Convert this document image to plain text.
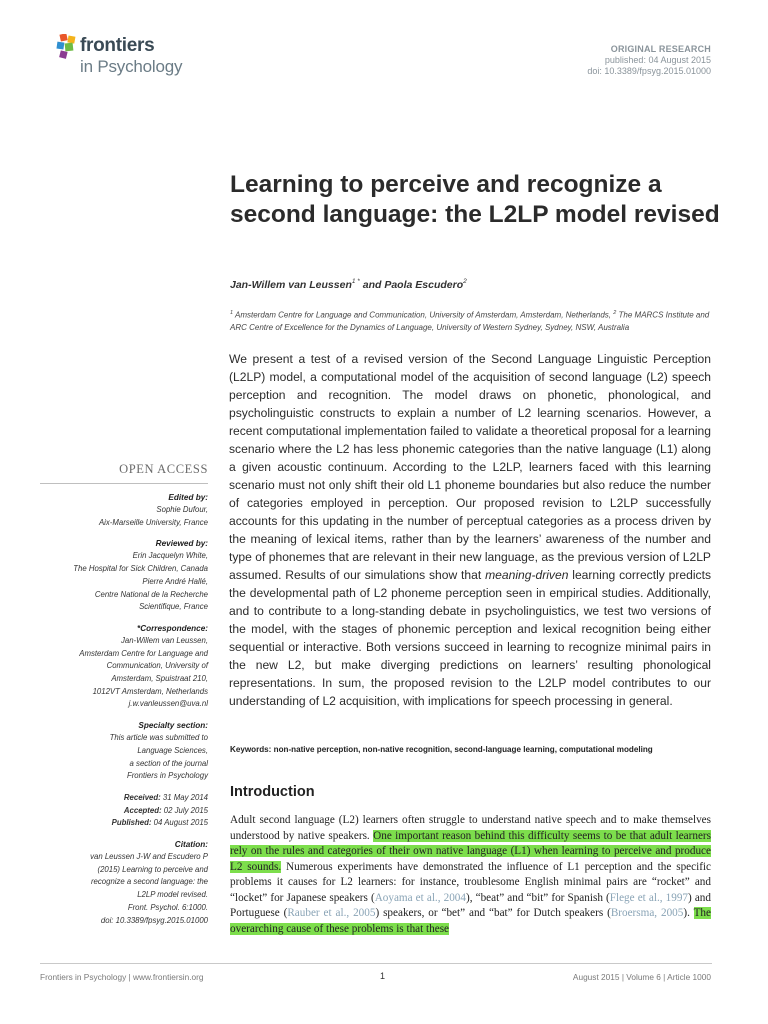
frontiers
in Psychology
ORIGINAL RESEARCH
published: 04 August 2015
doi: 10.3389/fpsyg.2015.01000
Learning to perceive and recognize a second language: the L2LP model revised
Jan-Willem van Leussen$^{1 *}$ and Paola Escudero$^2$
$^1$ Amsterdam Centre for Language and Communication, University of Amsterdam, Amsterdam, Netherlands, $^2$ The MARCS Institute and ARC Centre of Excellence for the Dynamics of Language, University of Western Sydney, Sydney, NSW, Australia

We present a test of a revised version of the Second Language Linguistic Perception (L2LP) model, a computational model of the acquisition of second language (L2) speech perception and recognition. The model draws on phonetic, phonological, and psycholinguistic constructs to explain a number of L2 learning scenarios. However, a recent computational implementation failed to validate a theoretical proposal for a learning scenario where the L2 has less phonemic categories than the native language (L1) along a given acoustic continuum. According to the L2LP, learners faced with this learning scenario must not only shift their old L1 phoneme boundaries but also reduce the number of categories employed in perception. Our proposed revision to L2LP successfully accounts for this updating in the number of perceptual categories as a process driven by the meaning of lexical items, rather than by the learners’ awareness of the number and type of phonemes that are relevant in their new language, as the previous version of L2LP assumed. Results of our simulations show that meaning-driven learning correctly predicts the developmental path of L2 phoneme perception seen in empirical studies. Additionally, and to contribute to a long-standing debate in psycholinguistics, we test two versions of the model, with the stages of phonemic perception and lexical recognition being either sequential or interactive. Both versions succeed in learning to recognize minimal pairs in the new L2, but make diverging predictions on learners’ resulting phonological representations. In sum, the proposed revision to the L2LP model contributes to our understanding of L2 acquisition, with implications for speech processing in general.

Keywords: non-native perception, non-native recognition, second-language learning, computational modeling
Introduction

Adult second language (L2) learners often struggle to understand native speech and to make themselves understood by native speakers. One important reason behind this difficulty seems to be that adult learners rely on the rules and categories of their own native language (L1) when learning to perceive and produce L2 sounds. Numerous experiments have demonstrated the influence of L1 perception and the specific problems it causes for L2 learners: for instance, troublesome English minimal pairs are “rocket” and “locket” for Japanese speakers (Aoyama et al., 2004), “beat” and “bit” for Spanish (Flege et al., 1997) and Portuguese (Rauber et al., 2005) speakers, or “bet” and “bat” for Dutch speakers (Broersma, 2005). The overarching cause of these problems is that these

OPEN ACCESS
Edited by:
Sophie Dufour,
Aix-Marseille University, France
Reviewed by:
Erin Jacquelyn White,
The Hospital for Sick Children, Canada
Pierre André Hallé,
Centre National de la Recherche
Scientifique, France
*Correspondence:
Jan-Willem van Leussen,
Amsterdam Centre for Language and
Communication, University of
Amsterdam, Spuistraat 210,
1012VT Amsterdam, Netherlands
j.w.vanleussen@uva.nl
Specialty section:
This article was submitted to
Language Sciences,
a section of the journal
Frontiers in Psychology
Received: 31 May 2014
Accepted: 02 July 2015
Published: 04 August 2015
Citation:
van Leussen J-W and Escudero P
(2015) Learning to perceive and
recognize a second language: the
L2LP model revised.
Front. Psychol. 6:1000.
doi: 10.3389/fpsyg.2015.01000
Frontiers in Psychology | www.frontiersin.org	1	August 2015 | Volume 6 | Article 1000
